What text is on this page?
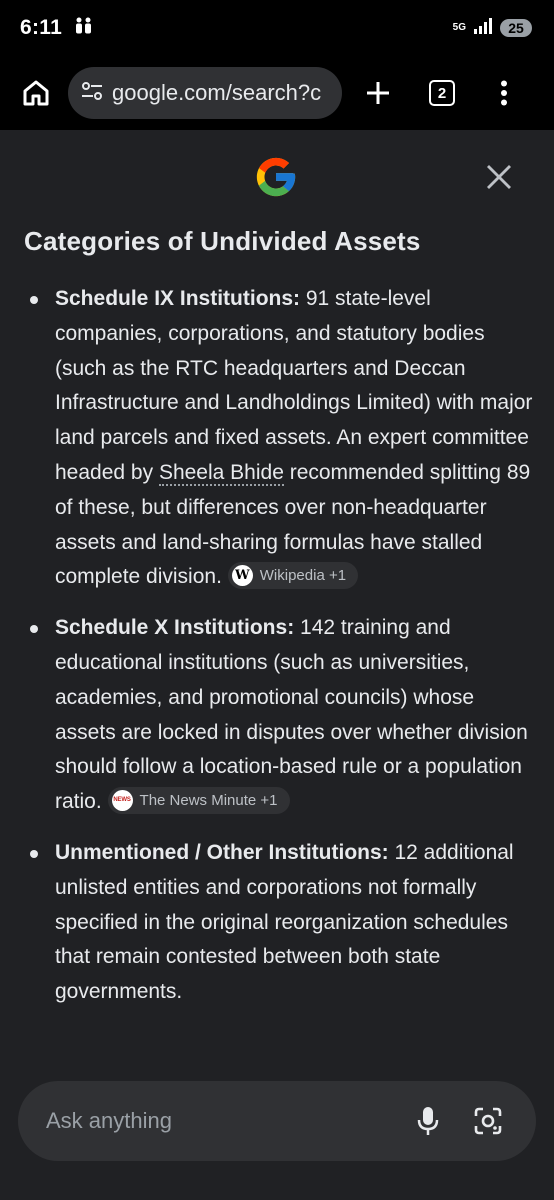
6:11	5G	25
google.com/search?c	2
Categories of Undivided Assets
Schedule IX Institutions: 91 state-level companies, corporations, and statutory bodies (such as the RTC headquarters and Deccan Infrastructure and Landholdings Limited) with major land parcels and fixed assets. An expert committee headed by Sheela Bhide recommended splitting 89 of these, but differences over non-headquarter assets and land-sharing formulas have stalled complete division. W Wikipedia +1
Schedule X Institutions: 142 training and educational institutions (such as universities, academies, and promotional councils) whose assets are locked in disputes over whether division should follow a location-based rule or a population ratio.	NEWS The News Minute +1
Unmentioned / Other Institutions: 12 additional unlisted entities and corporations not formally specified in the original reorganization schedules that remain contested between both state governments.
Ask anything
